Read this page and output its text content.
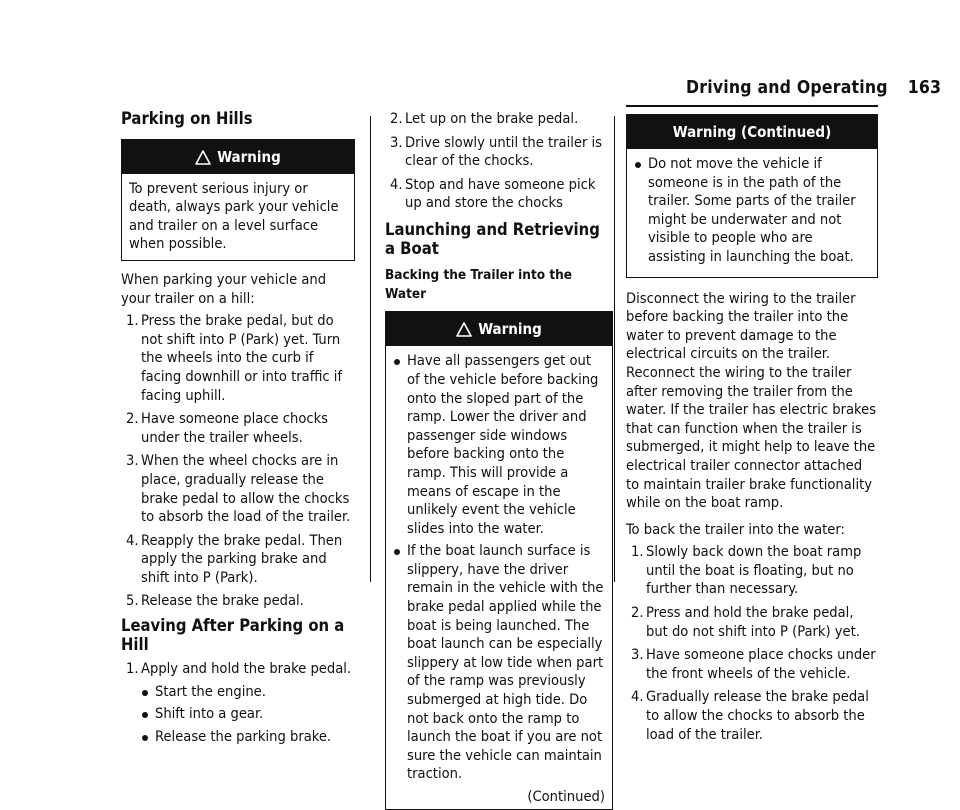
Driving and Operating 163
Parking on Hills
Warning

To prevent serious injury or death, always park your vehicle and trailer on a level surface when possible.

When parking your vehicle and your trailer on a hill:

1. Press the brake pedal, but do not shift into P (Park) yet. Turn the wheels into the curb if facing downhill or into traffic if facing uphill.
2. Have someone place chocks under the trailer wheels.
3. When the wheel chocks are in place, gradually release the brake pedal to allow the chocks to absorb the load of the trailer.
4. Reapply the brake pedal. Then apply the parking brake and shift into P (Park).
5. Release the brake pedal.
Leaving After Parking on a Hill
1. Apply and hold the brake pedal.
Start the engine.
Shift into a gear.
Release the parking brake.
2. Let up on the brake pedal.
3. Drive slowly until the trailer is clear of the chocks.
4. Stop and have someone pick up and store the chocks
Launching and Retrieving a Boat
Backing the Trailer into the Water
Warning
Have all passengers get out of the vehicle before backing onto the sloped part of the ramp. Lower the driver and passenger side windows before backing onto the ramp. This will provide a means of escape in the unlikely event the vehicle slides into the water.
If the boat launch surface is slippery, have the driver remain in the vehicle with the brake pedal applied while the boat is being launched. The boat launch can be especially slippery at low tide when part of the ramp was previously submerged at high tide. Do not back onto the ramp to launch the boat if you are not sure the vehicle can maintain traction.

(Continued)

Warning (Continued)
Do not move the vehicle if someone is in the path of the trailer. Some parts of the trailer might be underwater and not visible to people who are assisting in launching the boat.

Disconnect the wiring to the trailer before backing the trailer into the water to prevent damage to the electrical circuits on the trailer. Reconnect the wiring to the trailer after removing the trailer from the water. If the trailer has electric brakes that can function when the trailer is submerged, it might help to leave the electrical trailer connector attached to maintain trailer brake functionality while on the boat ramp.

To back the trailer into the water:

1. Slowly back down the boat ramp until the boat is floating, but no further than necessary.
2. Press and hold the brake pedal, but do not shift into P (Park) yet.
3. Have someone place chocks under the front wheels of the vehicle.
4. Gradually release the brake pedal to allow the chocks to absorb the load of the trailer.
